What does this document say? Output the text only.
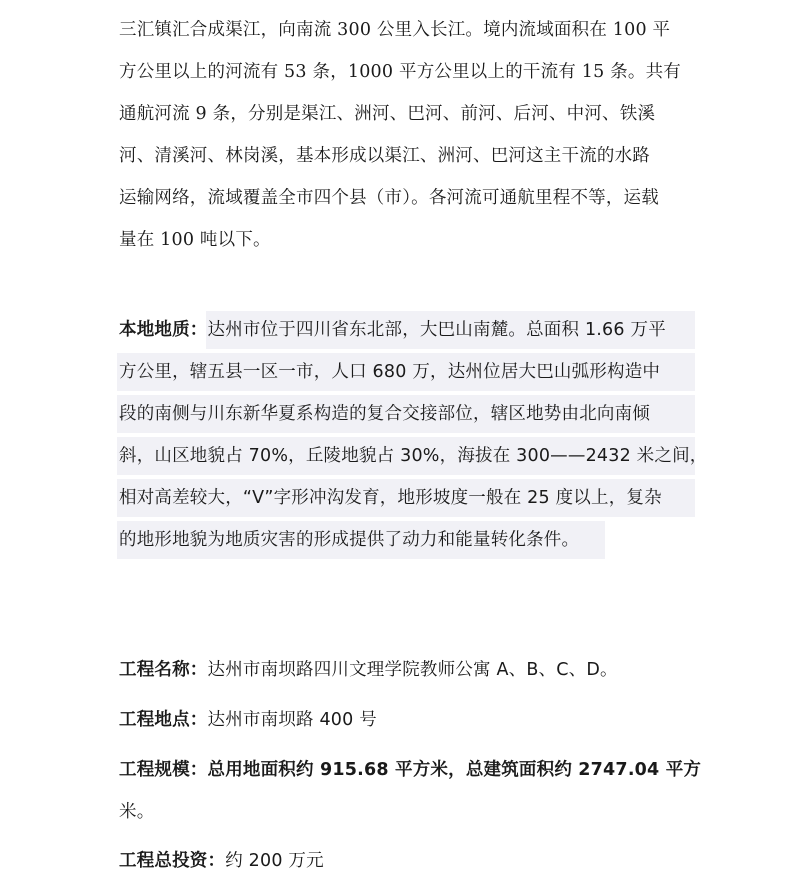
三汇镇汇合成渠江，向南流 300 公里入长江。境内流域面积在 100 平
方公里以上的河流有 53 条，1000 平方公里以上的干流有 15 条。共有
通航河流 9 条，分别是渠江、洲河、巴河、前河、后河、中河、铁溪
河、清溪河、林岗溪，基本形成以渠江、洲河、巴河这主干流的水路
运输网络，流域覆盖全市四个县（市）。各河流可通航里程不等，运载
量在 100 吨以下。
本地地质：达州市位于四川省东北部，大巴山南麓。总面积 1.66 万平
方公里，辖五县一区一市，人口 680 万，达州位居大巴山弧形构造中
段的南侧与川东新华夏系构造的复合交接部位，辖区地势由北向南倾
斜，山区地貌占 70%，丘陵地貌占 30%，海拔在 300——2432 米之间，
相对高差较大，“V”字形冲沟发育，地形坡度一般在 25 度以上，复杂
的地形地貌为地质灾害的形成提供了动力和能量转化条件。
工程名称：达州市南坝路四川文理学院教师公寓 A、B、C、D。
工程地点：达州市南坝路 400 号
工程规模：总用地面积约 915.68 平方米，总建筑面积约 2747.04 平方
米。
工程总投资：约 200 万元
